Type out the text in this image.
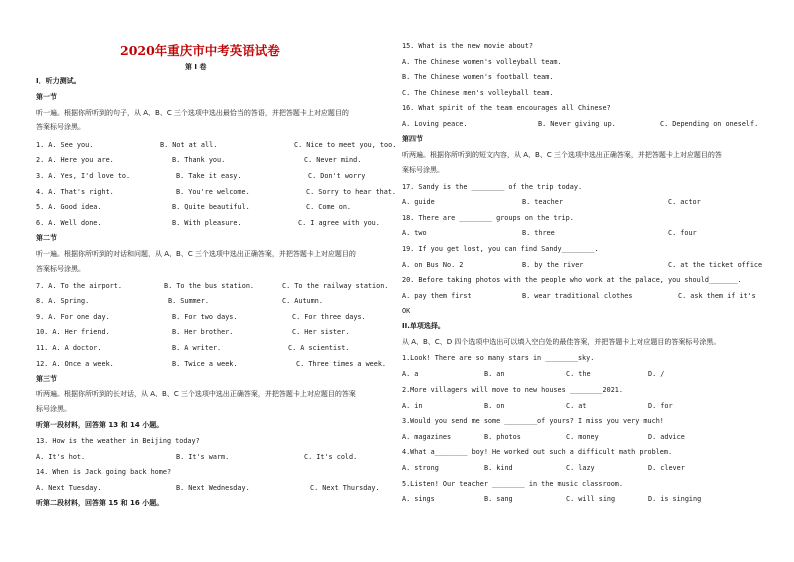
2020年重庆市中考英语试卷
第 I 卷
I．听力测试。
第一节
听一遍。根据你所听到的句子，从 A、B、C 三个选项中选出最恰当的答语，并把答题卡上对应题目的
答案标号涂黑。
1. A. See you.	B. Not at all.	C. Nice to meet you, too.
2. A. Here you are.	B. Thank you.	C. Never mind.
3. A. Yes, I'd love to.	B. Take it easy.	C. Don't worry
4. A. That's right.	B. You're welcome.	C. Sorry to hear that.
5. A. Good idea.	B. Quite beautiful.	C. Come on.
6. A. Well done.	B. With pleasure.	C. I agree with you.
第二节
听一遍。根据你所听到的对话和问题，从 A、B、C 三个选项中选出正确答案，并把答题卡上对应题目的
答案标号涂黑。
7. A. To the airport.	B. To the bus station.	C. To the railway station.
8. A. Spring.	B. Summer.	C. Autumn.
9. A. For one day.	B. For two days.	C. For three days.
10. A. Her friend.	B. Her brother.	C. Her sister.
11. A. A doctor.	B. A writer.	C. A scientist.
12. A. Once a week.	B. Twice a week.	C. Three times a week.
第三节
听两遍。根据你所听到的长对话，从 A、B、C 三个选项中选出正确答案，并把答题卡上对应题目的答案
标号涂黑。
听第一段材料，回答第 13 和 14 小题。
13. How is the weather in Beijing today?
A. It's hot.	B. It's warm.	C. It's cold.
14. When is Jack going back home?
A. Next Tuesday.	B. Next Wednesday.	C. Next Thursday.
听第二段材料，回答第 15 和 16 小题。
15. What is the new movie about?
A. The Chinese women's volleyball team.
B. The Chinese women's football team.
C. The Chinese men's volleyball team.
16. What spirit of the team encourages all Chinese?
A. Loving peace.	B. Never giving up.	C. Depending on oneself.
第四节
听两遍。根据你所听到的短文内容，从 A、B、C 三个选项中选出正确答案，并把答题卡上对应题目的答
案标号涂黑。
17. Sandy is the ________ of the trip today.
A. guide	B. teacher	C. actor
18. There are ________ groups on the trip.
A. two	B. three	C. four
19. If you get lost, you can find Sandy________.
A. on Bus No. 2	B. by the river	C. at the ticket office
20. Before taking photos with the people who work at the palace, you should_______.
A. pay them first	B. wear traditional clothes	C. ask them if it's
OK
II.单项选择。
从 A、B、C、D 四个选项中选出可以填入空白处的最佳答案，并把答题卡上对应题目的答案标号涂黑。
1.Look! There are so many stars in ________sky.
A. a	B. an	C. the	D. /
2.More villagers will move to new houses ________2021.
A. in	B. on	C. at	D. for
3.Would you send me some ________of yours? I miss you very much!
A. magazines	B. photos	C. money	D. advice
4.What a________ boy! He worked out such a difficult math problem.
A. strong	B. kind	C. lazy	D. clever
5.Listen! Our teacher ________ in the music classroom.
A. sings	B. sang	C. will sing	D. is singing
